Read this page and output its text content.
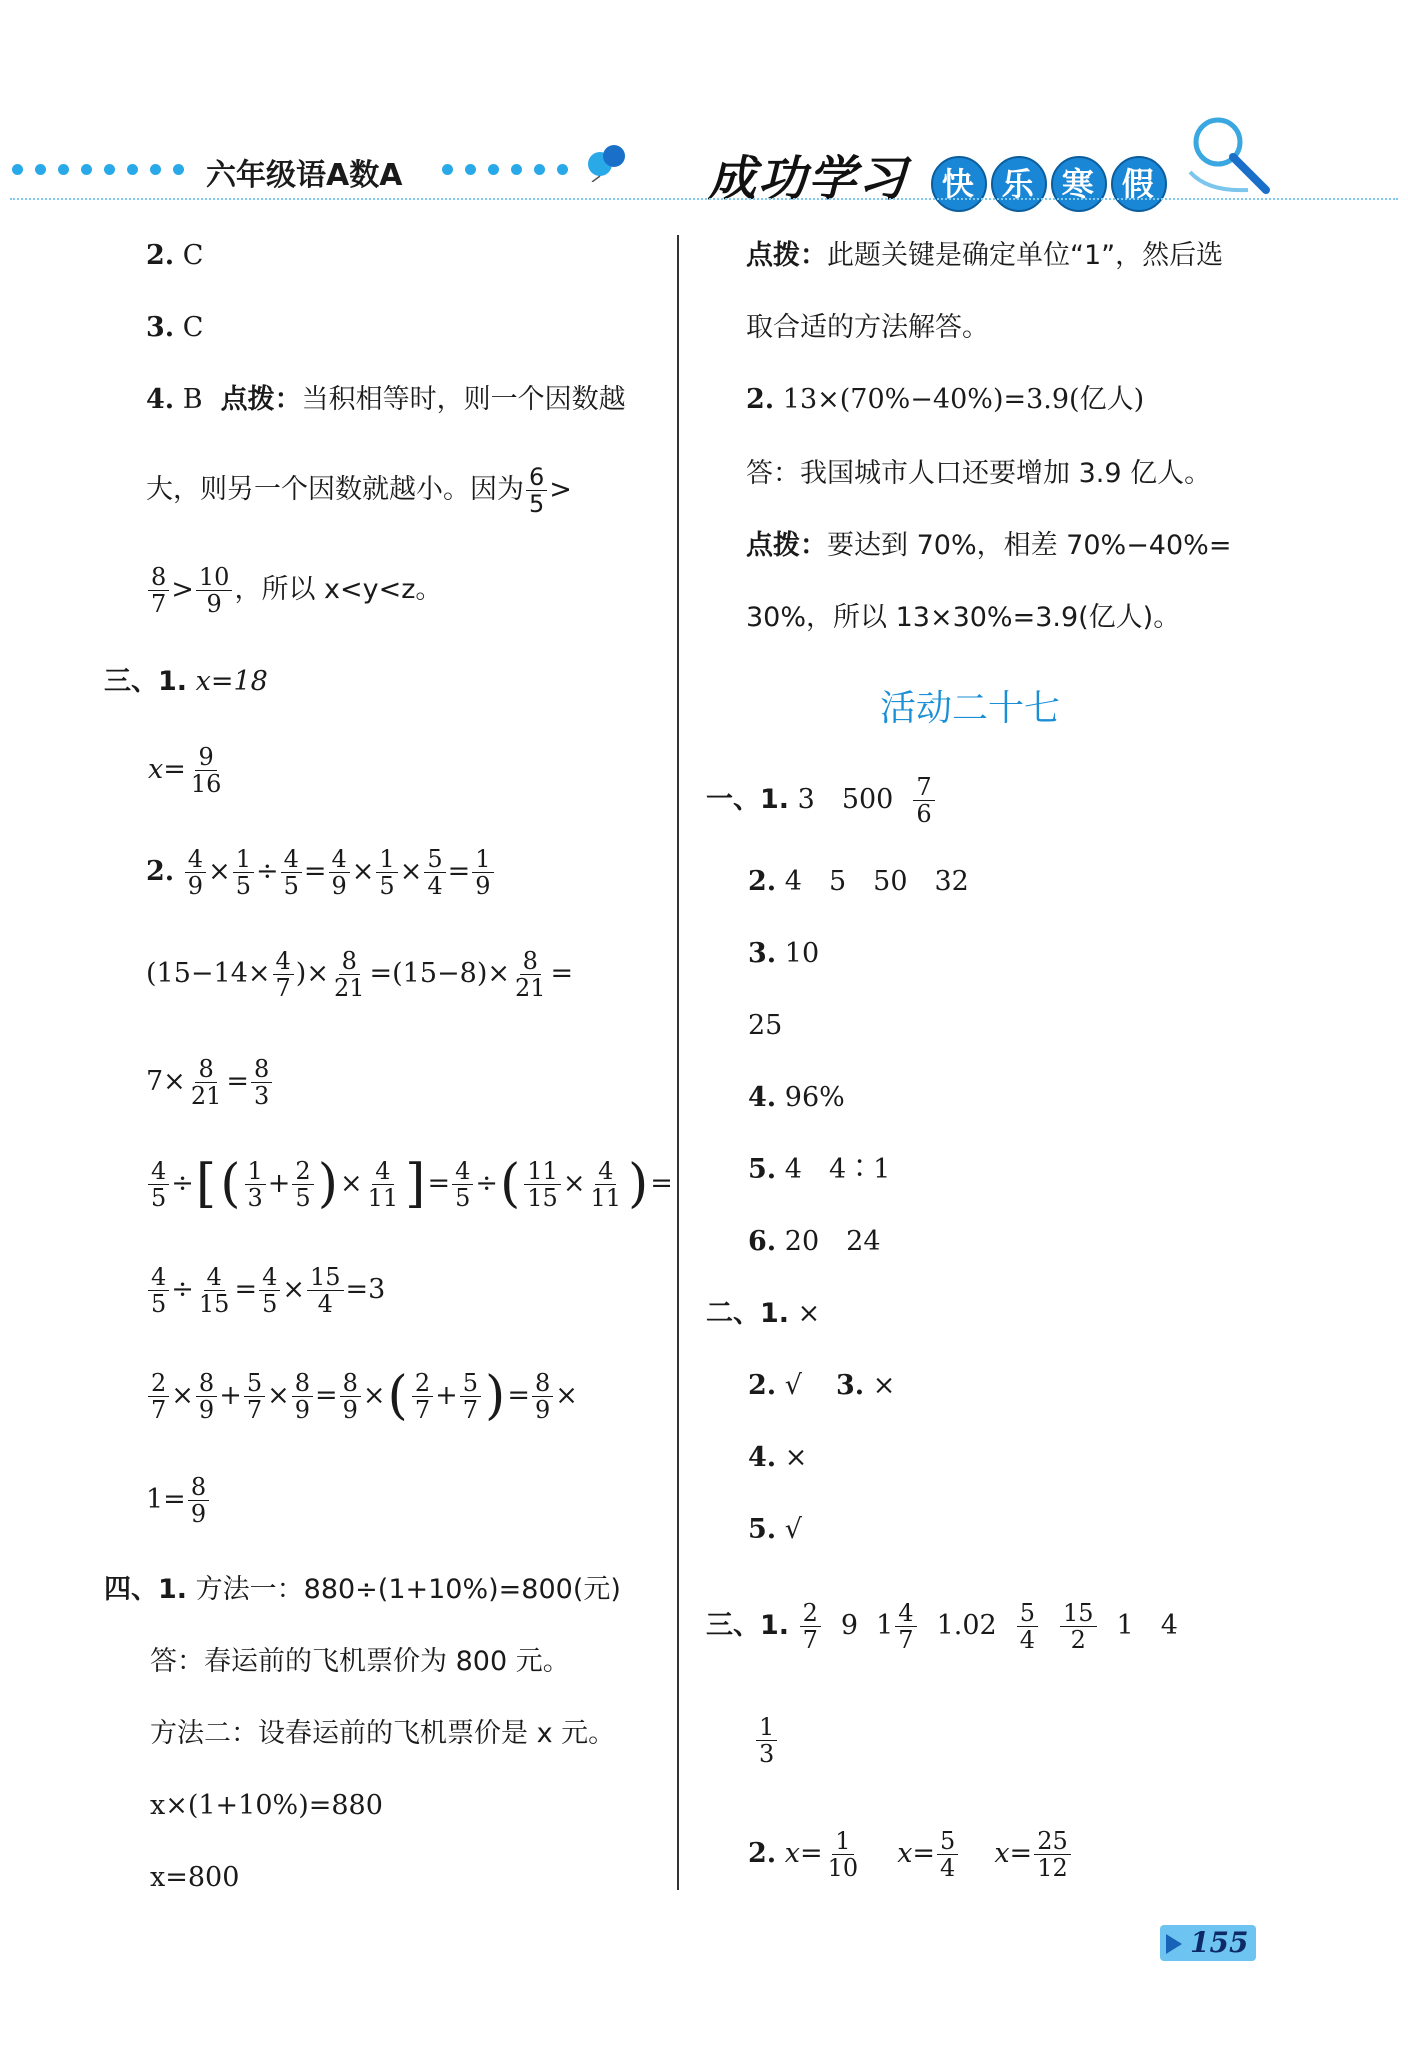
六年级语A数A	成功学习 快 乐 寒 假
2.
C
3.
C
4.
B 点拨： 当积相等时，则一个因数越
大，则另一个因数就越小。因为 $\frac{6}{5}$ >
$\frac{8}{7} > \frac{10}{9}$ ，所以 x<y<z。
三、1.
x=18
$x= \frac{9}{16}$
2.
$\frac{4}{9} \times \frac{1}{5} \div \frac{4}{5} = \frac{4}{9} \times \frac{1}{5} \times \frac{5}{4} = \frac{1}{9}$
($15-14\times \frac{4}{7}$ )× $\frac{8}{21} =(15-8)\times \frac{8}{21}$ =
$7\times \frac{8}{21} = \frac{8}{3}$
$\frac{4}{5}$ ÷ [ ( $\frac{1}{3} + \frac{2}{5}$ ) × $\frac{4}{11}$ ] = $\frac{4}{5}$ ÷ ( $\frac{11}{15} \times \frac{4}{11}$ ) =
$\frac{4}{5} \div \frac{4}{15} = \frac{4}{5} \times \frac{15}{4} =3$
$\frac{2}{7} \times \frac{8}{9} + \frac{5}{7} \times \frac{8}{9} = \frac{8}{9}$ × ( $\frac{2}{7} + \frac{5}{7}$ ) = $\frac{8}{9}$ ×
$1= \frac{8}{9}$
四、1.
方法一：880÷(1+10%)=800(元)
答：春运前的飞机票价为 800 元。
方法二：设春运前的飞机票价是 x 元。
x×(1+10%)=880
x=800
点拨： 此题关键是确定单位“1”，然后选
取合适的方法解答。
2.
13×(70%−40%)=3.9(亿人)
答：我国城市人口还要增加 3.9 亿人。
点拨： 要达到 70%，相差 70%−40%=
30%，所以 13×30%=3.9(亿人)。
活动二十七
一、1.
3　$500 \frac{7}{6}$
2.
4　5　50　32
3.
10
25
4.
96%
5.
4　4∶1
6.
20　24
二、1.
×
2.
√ 3.
×
4.
×
5.
√
三、1.
$\frac{2}{7} 9$ $1 \frac{4}{7} 1.02 \frac{5}{4} \frac{15}{2} 1$　4
$\frac{1}{3}$
2.
$x= \frac{1}{10} x= \frac{5}{4} x= \frac{25}{12}$
155
